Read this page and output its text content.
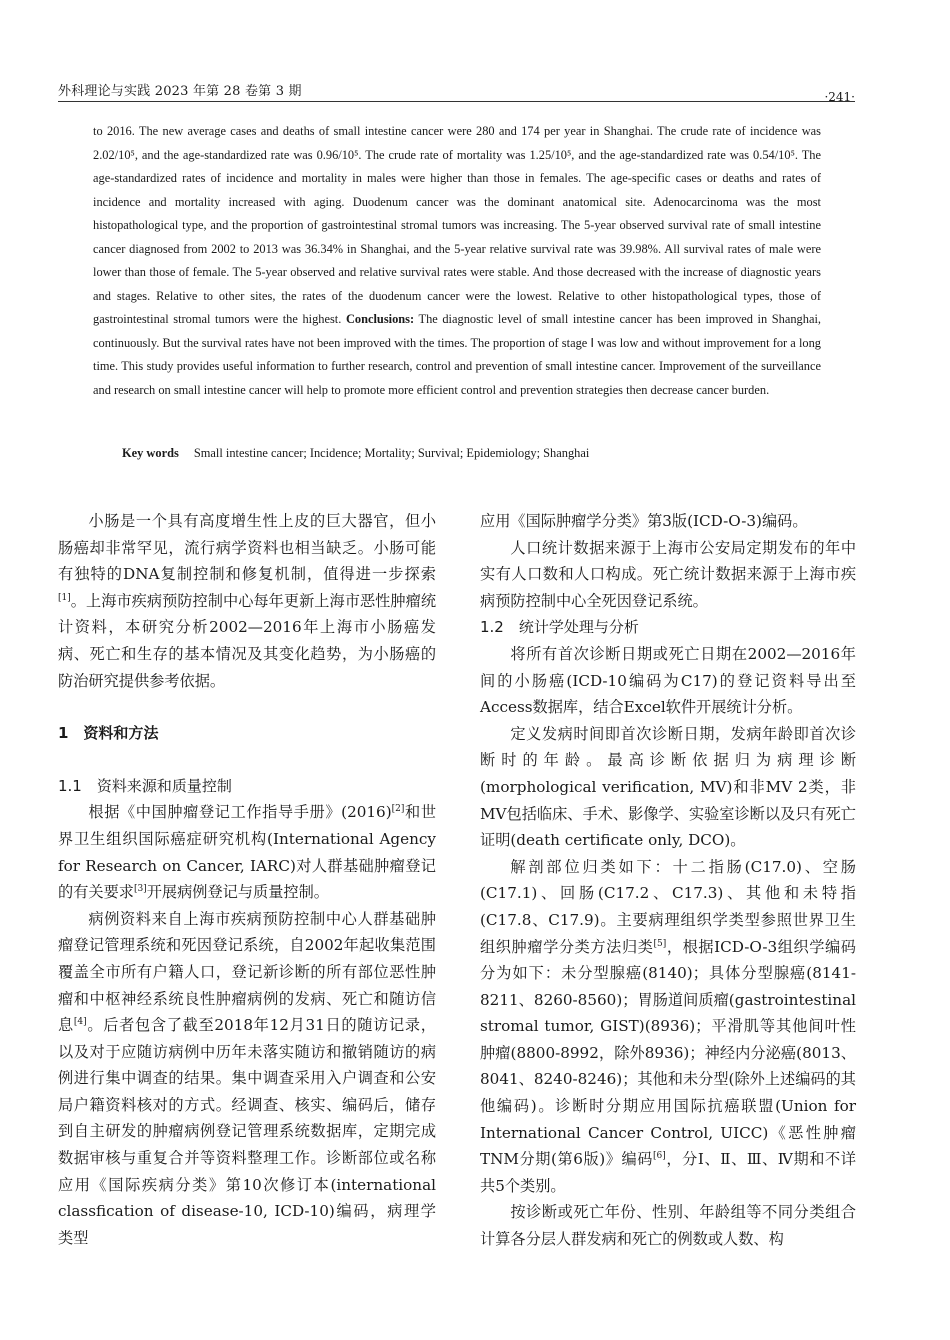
外科理论与实践 2023 年第 28 卷第 3 期	·241·
to 2016. The new average cases and deaths of small intestine cancer were 280 and 174 per year in Shanghai. The crude rate of incidence was 2.02/10⁵, and the age-standardized rate was 0.96/10⁵. The crude rate of mortality was 1.25/10⁵, and the age-standardized rate was 0.54/10⁵. The age-standardized rates of incidence and mortality in males were higher than those in females. The age-specific cases or deaths and rates of incidence and mortality increased with aging. Duodenum cancer was the dominant anatomical site. Adenocarcinoma was the most histopathological type, and the proportion of gastrointestinal stromal tumors was increasing. The 5-year observed survival rate of small intestine cancer diagnosed from 2002 to 2013 was 36.34% in Shanghai, and the 5-year relative survival rate was 39.98%. All survival rates of male were lower than those of female. The 5-year observed and relative survival rates were stable. And those decreased with the increase of diagnostic years and stages. Relative to other sites, the rates of the duodenum cancer were the lowest. Relative to other histopathological types, those of gastrointestinal stromal tumors were the highest. Conclusions: The diagnostic level of small intestine cancer has been improved in Shanghai, continuously. But the survival rates have not been improved with the times. The proportion of stage Ⅰ was low and without improvement for a long time. This study provides useful information to further research, control and prevention of small intestine cancer. Improvement of the surveillance and research on small intestine cancer will help to promote more efficient control and prevention strategies then decrease cancer burden.
Key words Small intestine cancer; Incidence; Mortality; Survival; Epidemiology; Shanghai

小肠是一个具有高度增生性上皮的巨大器官，但小肠癌却非常罕见，流行病学资料也相当缺乏。小肠可能有独特的DNA复制控制和修复机制，值得进一步探索[1]。上海市疾病预防控制中心每年更新上海市恶性肿瘤统计资料，本研究分析2002—2016年上海市小肠癌发病、死亡和生存的基本情况及其变化趋势，为小肠癌的防治研究提供参考依据。

1　资料和方法

1.1　资料来源和质量控制

根据《中国肿瘤登记工作指导手册》(2016)[2]和世界卫生组织国际癌症研究机构(International Agency for Research on Cancer, IARC)对人群基础肿瘤登记的有关要求[3]开展病例登记与质量控制。

病例资料来自上海市疾病预防控制中心人群基础肿瘤登记管理系统和死因登记系统，自2002年起收集范围覆盖全市所有户籍人口，登记新诊断的所有部位恶性肿瘤和中枢神经系统良性肿瘤病例的发病、死亡和随访信息[4]。后者包含了截至2018年12月31日的随访记录，以及对于应随访病例中历年未落实随访和撤销随访的病例进行集中调查的结果。集中调查采用入户调查和公安局户籍资料核对的方式。经调查、核实、编码后，储存到自主研发的肿瘤病例登记管理系统数据库，定期完成数据审核与重复合并等资料整理工作。诊断部位或名称应用《国际疾病分类》第10次修订本(international classfication of disease-10, ICD-10)编码，病理学类型

应用《国际肿瘤学分类》第3版(ICD-O-3)编码。

人口统计数据来源于上海市公安局定期发布的年中实有人口数和人口构成。死亡统计数据来源于上海市疾病预防控制中心全死因登记系统。

1.2　统计学处理与分析

将所有首次诊断日期或死亡日期在2002—2016年间的小肠癌(ICD-10编码为C17)的登记资料导出至Access数据库，结合Excel软件开展统计分析。

定义发病时间即首次诊断日期，发病年龄即首次诊断时的年龄。最高诊断依据归为病理诊断(morphological verification, MV)和非MV 2类，非MV包括临床、手术、影像学、实验室诊断以及只有死亡证明(death certificate only, DCO)。

解剖部位归类如下：十二指肠(C17.0)、空肠(C17.1)、回肠(C17.2、C17.3)、其他和未特指(C17.8、C17.9)。主要病理组织学类型参照世界卫生组织肿瘤学分类方法归类[5]，根据ICD-O-3组织学编码分为如下：未分型腺癌(8140)；具体分型腺癌(8141-8211、8260-8560)；胃肠道间质瘤(gastrointestinal stromal tumor, GIST)(8936)；平滑肌等其他间叶性肿瘤(8800-8992，除外8936)；神经内分泌癌(8013、8041、8240-8246)；其他和未分型(除外上述编码的其他编码)。诊断时分期应用国际抗癌联盟(Union for International Cancer Control, UICC)《恶性肿瘤TNM分期(第6版)》编码[6]，分Ⅰ、Ⅱ、Ⅲ、Ⅳ期和不详共5个类别。

按诊断或死亡年份、性别、年龄组等不同分类组合计算各分层人群发病和死亡的例数或人数、构
